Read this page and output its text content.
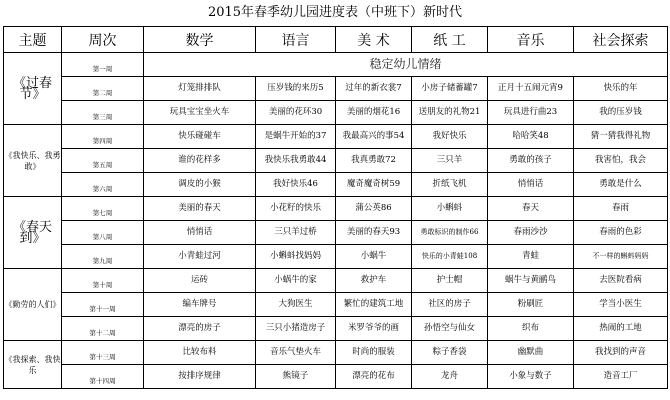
2015年春季幼儿园进度表（中班下）新时代
主题	周次	数学	语言	美 术	纸 工	音乐	社会探索
《过春节》	第一周	稳定幼儿情绪					
	第二周	灯笼排排队	压岁钱的来历5	过年的新衣裳7	小房子储蓄罐7	正月十五闹元宵9	快乐的年
	第三周	玩具宝宝坐火车	美丽的花环30	美丽的烟花16	送朋友的礼物21	玩具进行曲23	我的压岁钱
《我快乐、我勇敢》	第四周	快乐碰碰车	是蜗牛开始的37	我最高兴的事54	我好快乐	哈哈笑48	猜一猜我得礼物
	第五周	谁的花样多	我快乐我勇敢44	我真勇敢72	三只羊	勇敢的孩子	我害怕，我会
	第六周	调皮的小猴	我好快乐46	魔奇魔奇树59	折纸飞机	悄悄话	勇敢是什么
《春天到》	第七周	美丽的春天	小花籽的快乐	蒲公英86	小蝌蚪	春天	春雨
	第八周	悄悄话	三只羊过桥	美丽的春天93	勇敢标识的制作66	春雨沙沙	春雨的色彩
	第九周	小青蛙过河	小蝌蚪找妈妈	小蜗牛	快乐的小青蛙108	青蛙	不一样的蝌蚪妈妈
《勤劳的人们》	第十周	运砖	小蜗牛的家	救护车	护士帽	蜗牛与黄鹂鸟	去医院看病
	第十一周	编车牌号	大狗医生	繁忙的建筑工地	社区的房子	粉刷匠	学当小医生
	第十二周	漂亮的房子	三只小猪造房子	米罗爷爷的画	孙悟空与仙女	织布	热闹的工地
《我探索、我快乐	第十三周	比较布料	音乐气垫火车	时尚的服装	粽子香袋	幽默曲	我找到的声音
	第十四周	按排序规律	熊镜子	漂亮的花布	龙舟	小象与数子	造音工厂
